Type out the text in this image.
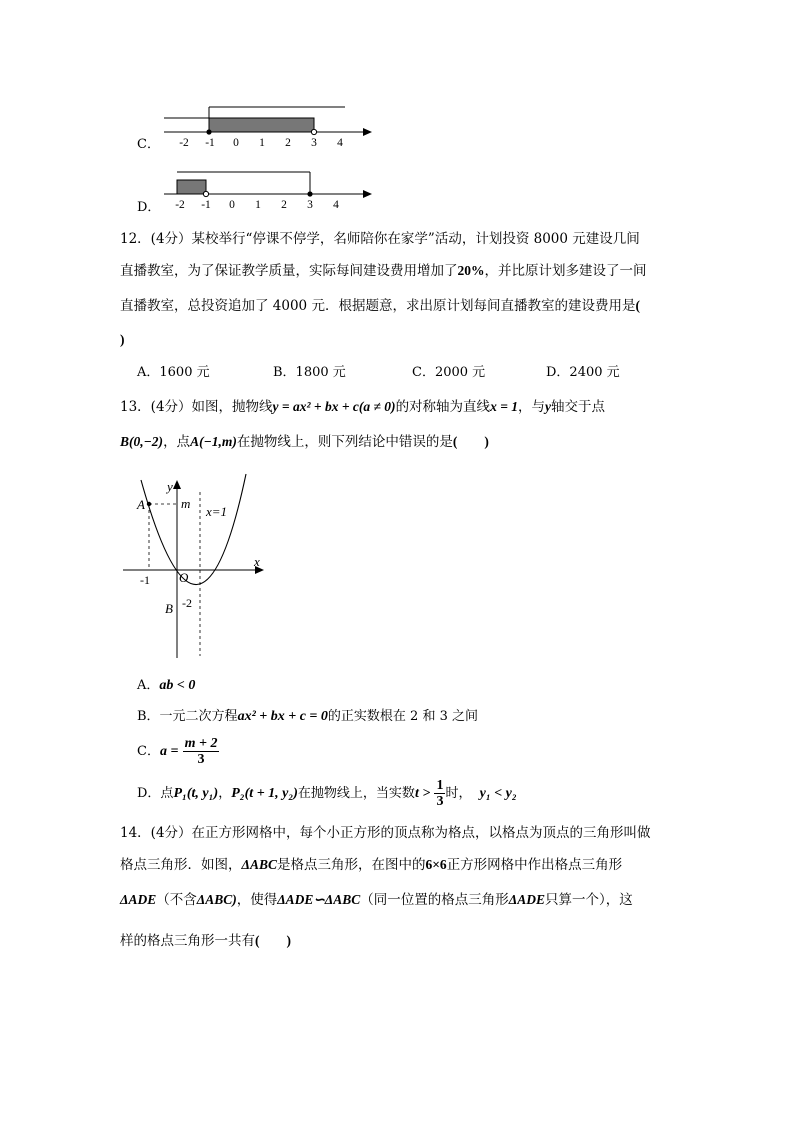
C． -2 -1 0 1 2 3 4
D． -2 -1 0 1 2 3 4
12．(4分）某校举行“停课不停学，名师陪你在家学”活动，计划投资 8000 元建设几间
直播教室，为了保证教学质量，实际每间建设费用增加了20%，并比原计划多建设了一间
直播教室，总投资追加了 4000 元．根据题意，求出原计划每间直播教室的建设费用是(
)
A．1600 元	B．1800 元	C．2000 元	D．2400 元
13．(4分）如图，抛物线y = ax² + bx + c(a ≠ 0)的对称轴为直线x = 1，与y轴交于点
B(0,−2)，点A(−1,m)在抛物线上，则下列结论中错误的是(　　)
y
x
A	m
x=1
O
B
-1
-2
A．ab < 0
B．一元二次方程ax² + bx + c = 0的正实数根在 2 和 3 之间
C．$a = \frac{m + 2}{3}$
D．点P₁(t, y₁)，P₂(t + 1, y₂)在抛物线上，当实数$t > \frac{1}{3}$ 时， y₁ < y₂
14．(4分）在正方形网格中，每个小正方形的顶点称为格点，以格点为顶点的三角形叫做
格点三角形．如图，ΔABC是格点三角形，在图中的6×6正方形网格中作出格点三角形
ΔADE（不含ΔABC)，使得ΔADE∽ΔABC（同一位置的格点三角形ΔADE只算一个），这
样的格点三角形一共有(　　)
